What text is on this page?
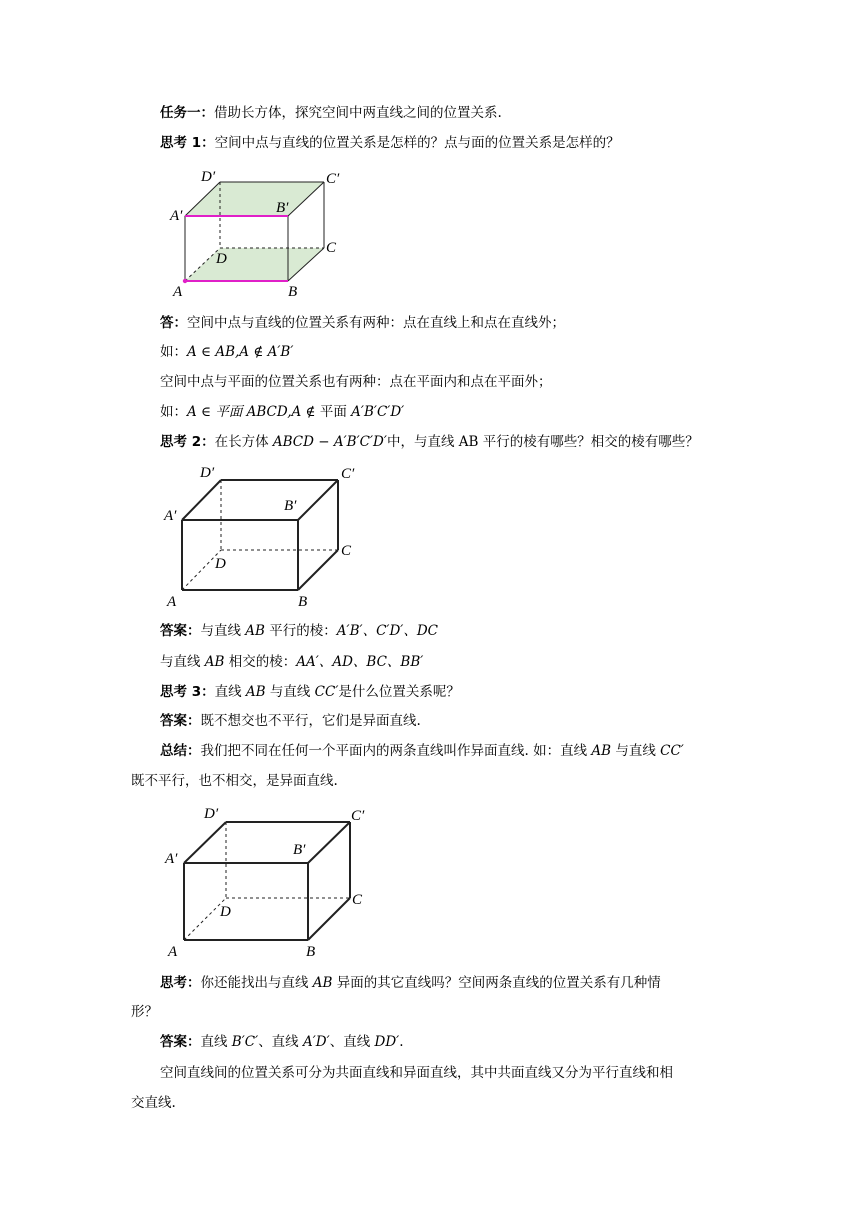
任务一：借助长方体，探究空间中两直线之间的位置关系.
思考 1：空间中点与直线的位置关系是怎样的？点与面的位置关系是怎样的？
D′	C′
A′	B′
C
D
A	B
答：空间中点与直线的位置关系有两种：点在直线上和点在直线外；
如：A ∈ AB,A ∉ A′B′
空间中点与平面的位置关系也有两种：点在平面内和点在平面外；
如：A ∈ 平面 ABCD,A ∉ 平面 A′B′C′D′
思考 2：在长方体 ABCD − A′B′C′D′中，与直线 AB 平行的棱有哪些？相交的棱有哪些？
D′	C′
A′
B′
C
D
A	B
答案：与直线 AB 平行的棱：A′B′、C′D′、DC
与直线 AB 相交的棱：AA′、AD、BC、BB′
思考 3：直线 AB 与直线 CC′是什么位置关系呢？
答案：既不想交也不平行，它们是异面直线.
总结：我们把不同在任何一个平面内的两条直线叫作异面直线. 如：直线 AB 与直线 CC′
既不平行，也不相交，是异面直线.
D′	C′
A′
B′
C
D
A	B
思考：你还能找出与直线 AB 异面的其它直线吗？空间两条直线的位置关系有几种情
形？
答案：直线 B′C′、直线 A′D′、直线 DD′.
空间直线间的位置关系可分为共面直线和异面直线，其中共面直线又分为平行直线和相
交直线.
